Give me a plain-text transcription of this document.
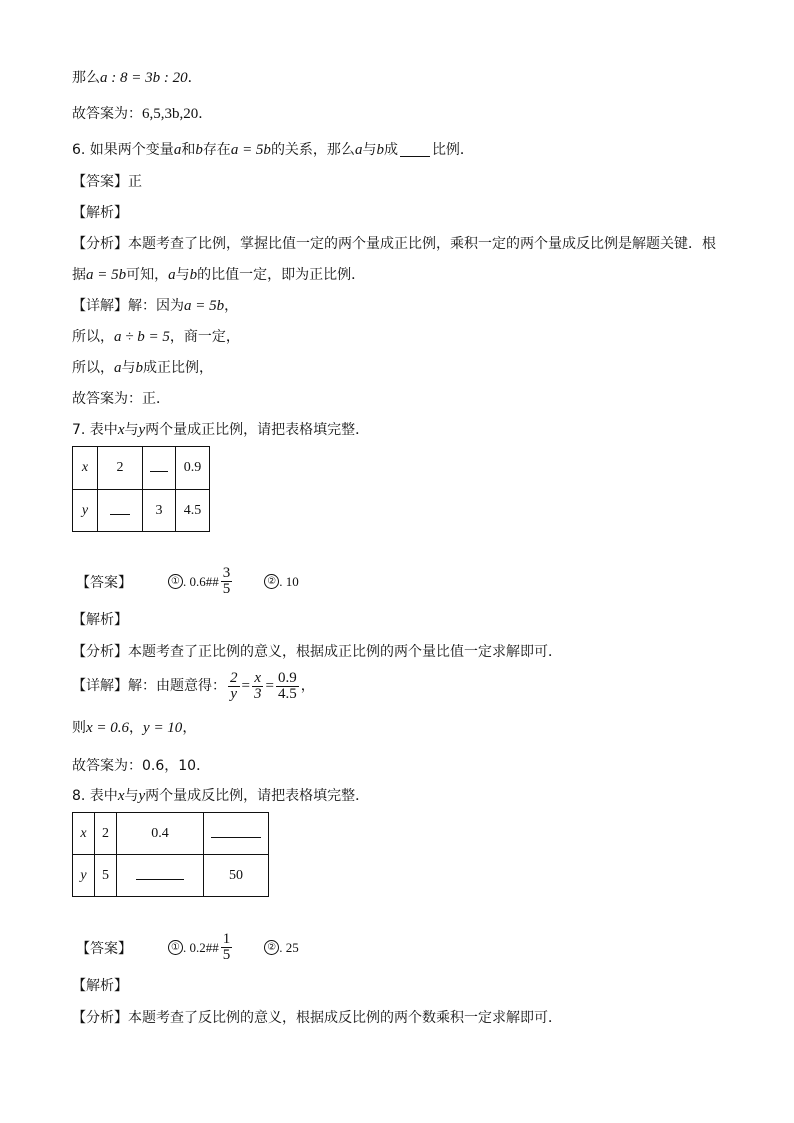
那么a : 8 = 3b : 20．
故答案为：6,5,3b,20．
6. 如果两个变量a和b存在a = 5b的关系，那么a与b成 比例．
【答案】正
【解析】
【分析】本题考查了比例，掌握比值一定的两个量成正比例，乘积一定的两个量成反比例是解题关键．根
据a = 5b可知，a与b的比值一定，即为正比例．
【详解】解：因为a = 5b，
所以，a ÷ b = 5，商一定，
所以，a与b成正比例，
故答案为：正．
7. 表中x与y两个量成正比例，请把表格填完整．
x	2		0.9
y		3	4.5
【答案】	① . 0.6## $\frac{3}{5}$	② . 10
【解析】
【分析】本题考查了正比例的意义，根据成正比例的两个量比值一定求解即可．
【详解】 解：由题意得： $\frac{2}{y} = \frac{x}{3} = \frac{0.9}{4.5}$ ，
则x = 0.6，y = 10，
故答案为：0.6，10．
8. 表中x与y两个量成反比例，请把表格填完整．
x	2	0.4	
y	5		50
【答案】	① . 0.2## $\frac{1}{5}$	② . 25
【解析】
【分析】本题考查了反比例的意义，根据成反比例的两个数乘积一定求解即可．
